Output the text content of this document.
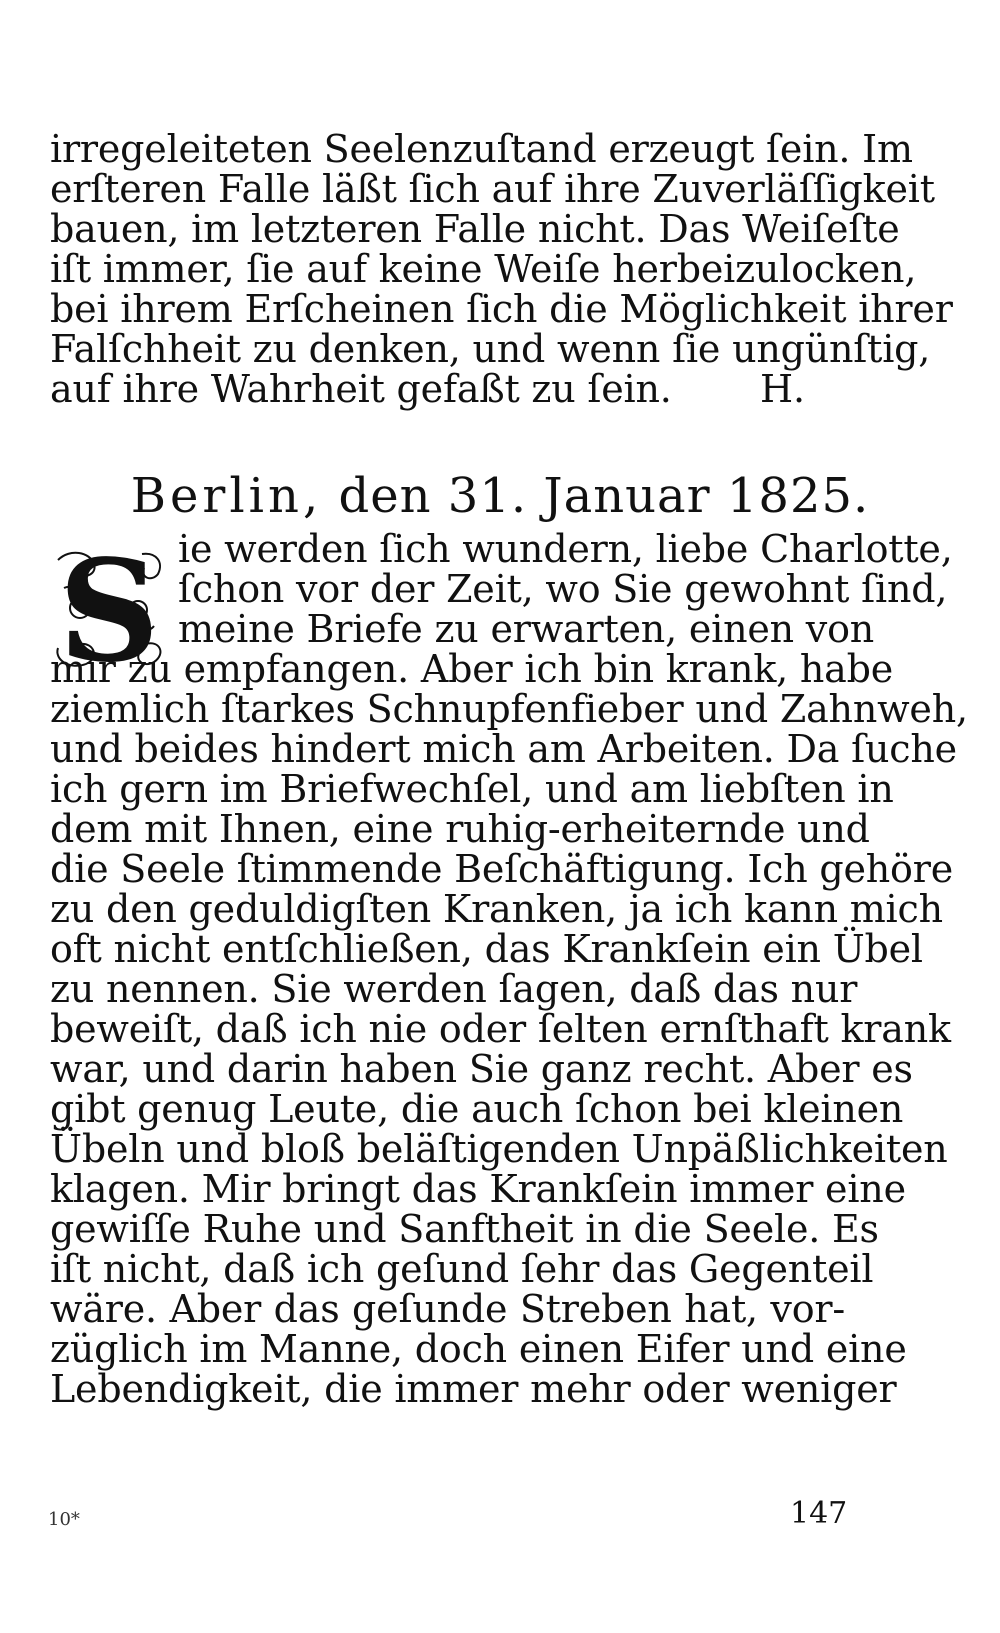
irregeleiteten Seelenzuſtand erzeugt ſein. Im
erſteren Falle läßt ſich auf ihre Zuverläſſigkeit
bauen, im letzteren Falle nicht. Das Weiſeſte
iſt immer, ſie auf keine Weiſe herbeizulocken,
bei ihrem Erſcheinen ſich die Möglichkeit ihrer
Falſchheit zu denken, und wenn ſie ungünſtig,
auf ihre Wahrheit gefaßt zu ſein. H.
Berlin, den 31. Januar 1825.
S ie werden ſich wundern, liebe Charlotte,
ſchon vor der Zeit, wo Sie gewohnt ſind,
meine Briefe zu erwarten, einen von
mir zu empfangen. Aber ich bin krank, habe
ziemlich ſtarkes Schnupfenfieber und Zahnweh,
und beides hindert mich am Arbeiten. Da ſuche
ich gern im Briefwechſel, und am liebſten in
dem mit Ihnen, eine ruhig-erheiternde und
die Seele ſtimmende Beſchäftigung. Ich gehöre
zu den geduldigſten Kranken, ja ich kann mich
oft nicht entſchließen, das Krankſein ein Übel
zu nennen. Sie werden ſagen, daß das nur
beweiſt, daß ich nie oder ſelten ernſthaft krank
war, und darin haben Sie ganz recht. Aber es
gibt genug Leute, die auch ſchon bei kleinen
Übeln und bloß beläſtigenden Unpäßlichkeiten
klagen. Mir bringt das Krankſein immer eine
gewiſſe Ruhe und Sanftheit in die Seele. Es
iſt nicht, daß ich geſund ſehr das Gegenteil
wäre. Aber das geſunde Streben hat, vor-
züglich im Manne, doch einen Eifer und eine
Lebendigkeit, die immer mehr oder weniger
10*	147
